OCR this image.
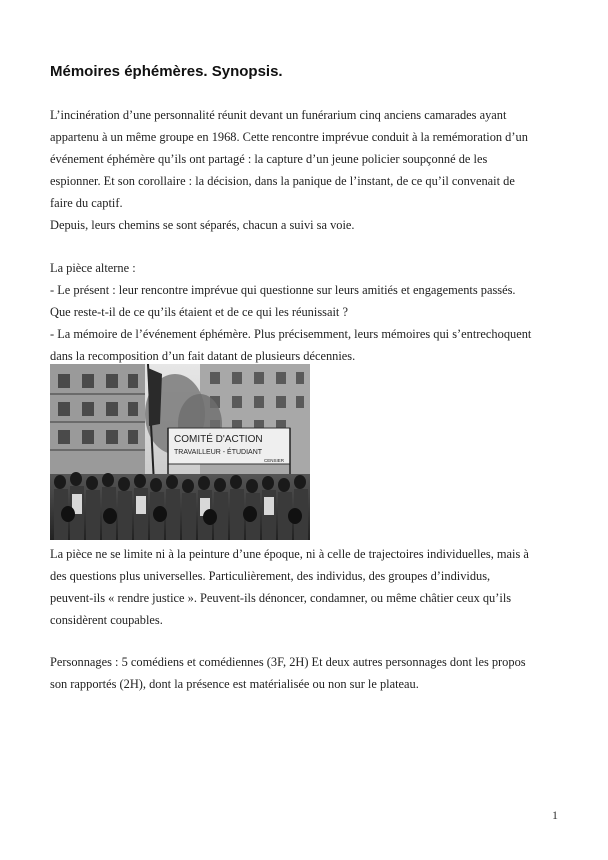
Mémoires éphémères. Synopsis.

L’incinération d’une personnalité réunit devant un funérarium cinq anciens camarades ayant

appartenu à un même groupe en 1968. Cette rencontre imprévue conduit à la remémoration d’un

événement éphémère qu’ils ont partagé : la capture d’un jeune policier soupçonné de les

espionner. Et son corollaire : la décision, dans la panique de l’instant, de ce qu’il convenait de

faire du captif.

Depuis, leurs chemins se sont séparés, chacun a suivi sa voie.

La pièce alterne :

- Le présent : leur rencontre imprévue qui questionne sur leurs amitiés et engagements passés.

Que reste-t-il de ce qu’ils étaient et de ce qui les réunissait ?

- La mémoire de l’événement éphémère. Plus précisemment, leurs mémoires qui s’entrechoquent

dans la recomposition d’un fait datant de plusieurs décennies.

COMITÉ D'ACTION
TRAVAILLEUR - ÉTUDIANT
CENSIER

La pièce ne se limite ni à la peinture d’une époque, ni à celle de trajectoires individuelles, mais à

des questions plus universelles. Particulièrement, des individus, des groupes d’individus,

peuvent-ils « rendre justice ». Peuvent-ils dénoncer, condamner, ou même châtier ceux qu’ils

considèrent coupables.

Personnages : 5 comédiens et comédiennes (3F, 2H) Et deux autres personnages dont les propos

son rapportés (2H), dont la présence est matérialisée ou non sur le plateau.

1
